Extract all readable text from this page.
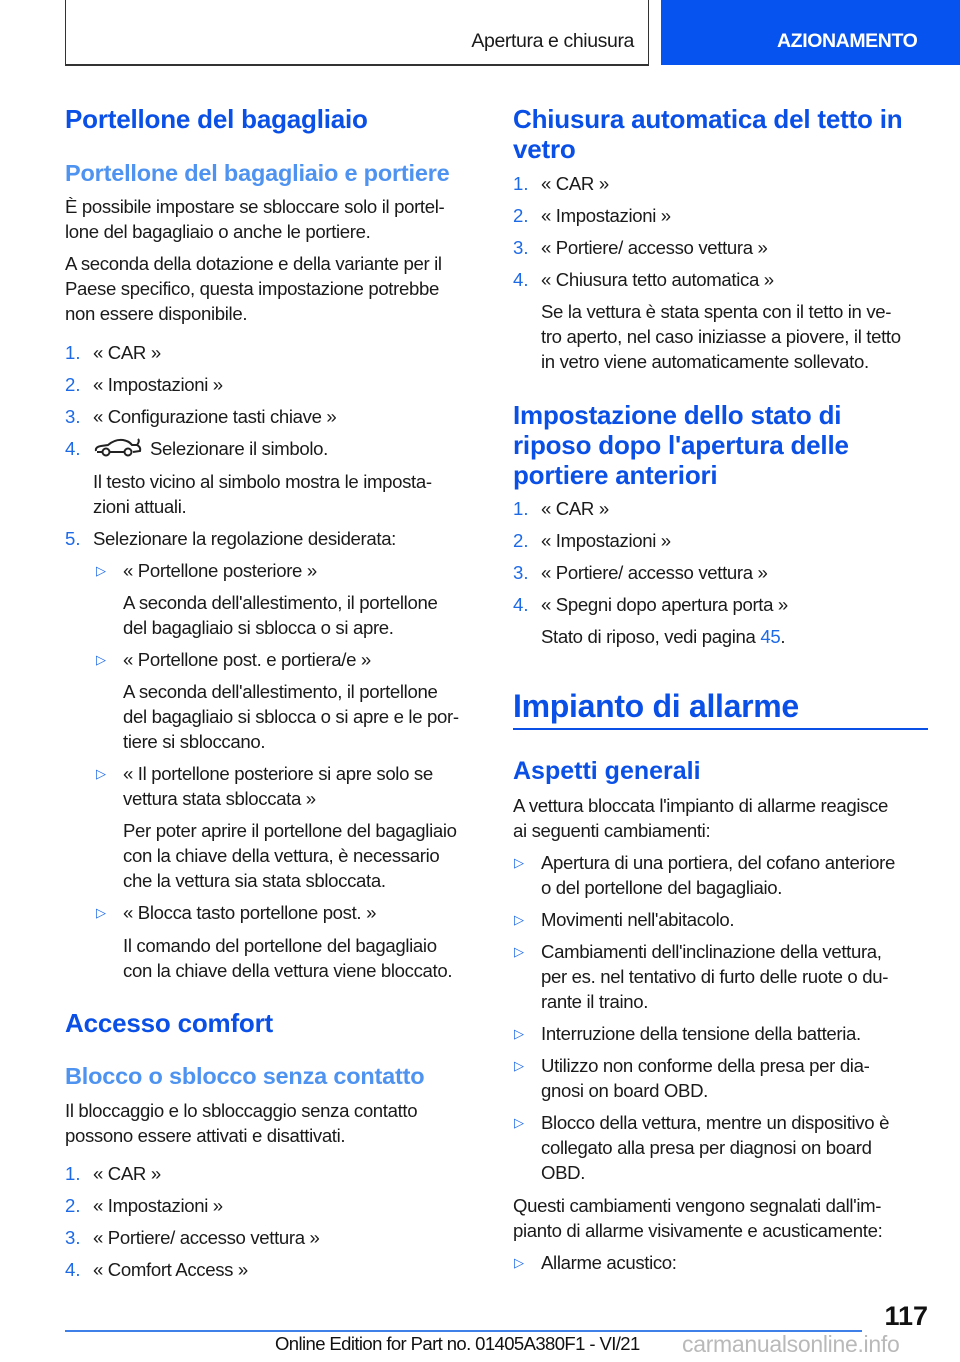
Apertura e chiusura	AZIONAMENTO
Portellone del bagagliaio
Portellone del bagagliaio e portiere
È possibile impostare se sbloccare solo il portel-
lone del bagagliaio o anche le portiere.
A seconda della dotazione e della variante per il
Paese specifico, questa impostazione potrebbe
non essere disponibile.
1. « CAR »
2. « Impostazioni »
3. « Configurazione tasti chiave »
4.	Selezionare il simbolo.
Il testo vicino al simbolo mostra le imposta-
zioni attuali.
5. Selezionare la regolazione desiderata:
▷ « Portellone posteriore »
A seconda dell'allestimento, il portellone
del bagagliaio si sblocca o si apre.
▷ « Portellone post. e portiera/e »
A seconda dell'allestimento, il portellone
del bagagliaio si sblocca o si apre e le por-
tiere si sbloccano.
▷ « Il portellone posteriore si apre solo se
vettura stata sbloccata »
Per poter aprire il portellone del bagagliaio
con la chiave della vettura, è necessario
che la vettura sia stata sbloccata.
▷ « Blocca tasto portellone post. »
Il comando del portellone del bagagliaio
con la chiave della vettura viene bloccato.
Accesso comfort
Blocco o sblocco senza contatto
Il bloccaggio e lo sbloccaggio senza contatto
possono essere attivati e disattivati.
1. « CAR »
2. « Impostazioni »
3. « Portiere/ accesso vettura »
4. « Comfort Access »
Chiusura automatica del tetto in
vetro
1. « CAR »
2. « Impostazioni »
3. « Portiere/ accesso vettura »
4. « Chiusura tetto automatica »
Se la vettura è stata spenta con il tetto in ve-
tro aperto, nel caso iniziasse a piovere, il tetto
in vetro viene automaticamente sollevato.
Impostazione dello stato di
riposo dopo l'apertura delle
portiere anteriori
1. « CAR »
2. « Impostazioni »
3. « Portiere/ accesso vettura »
4. « Spegni dopo apertura porta »
Stato di riposo, vedi pagina 45.
Impianto di allarme
Aspetti generali
A vettura bloccata l'impianto di allarme reagisce
ai seguenti cambiamenti:
▷ Apertura di una portiera, del cofano anteriore
o del portellone del bagagliaio.
▷ Movimenti nell'abitacolo.
▷ Cambiamenti dell'inclinazione della vettura,
per es. nel tentativo di furto delle ruote o du-
rante il traino.
▷ Interruzione della tensione della batteria.
▷ Utilizzo non conforme della presa per dia-
gnosi on board OBD.
▷ Blocco della vettura, mentre un dispositivo è
collegato alla presa per diagnosi on board
OBD.
Questi cambiamenti vengono segnalati dall'im-
pianto di allarme visivamente e acusticamente:
▷ Allarme acustico:
117
Online Edition for Part no. 01405A380F1 - VI/21 carmanualsonline.info
